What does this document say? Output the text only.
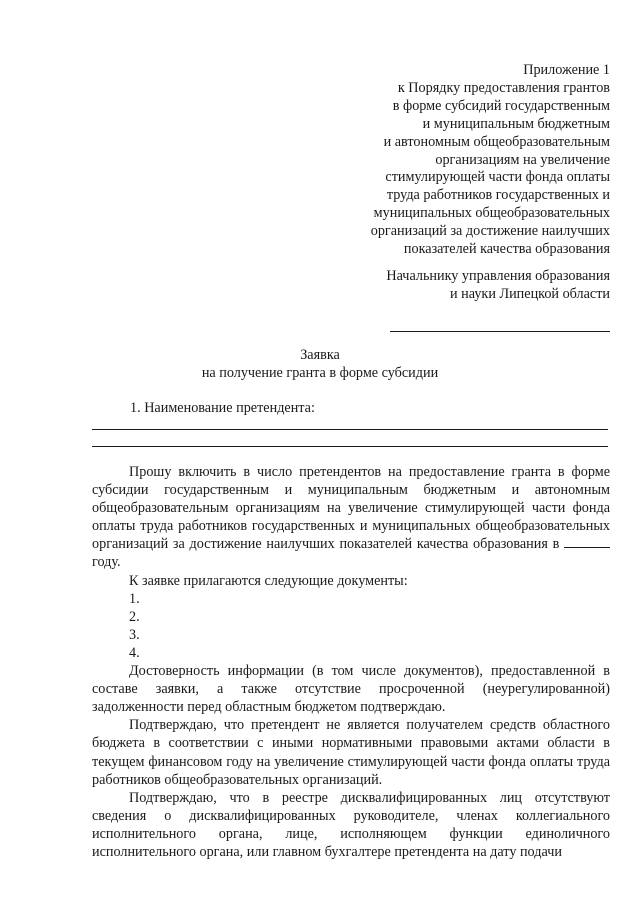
Приложение 1
к Порядку предоставления грантов
в форме субсидий государственным
и муниципальным бюджетным
и автономным общеобразовательным
организациям на увеличение
стимулирующей части фонда оплаты
труда работников государственных и
муниципальных общеобразовательных
организаций за достижение наилучших
показателей качества образования
Начальнику управления образования
и науки Липецкой области
Заявка
на получение гранта в форме субсидии
1. Наименование претендента:

Прошу включить в число претендентов на предоставление гранта в форме субсидии государственным и муниципальным бюджетным и автономным общеобразовательным организациям на увеличение стимулирующей части фонда оплаты труда работников государственных и муниципальных общеобразовательных организаций за достижение наилучших показателей качества образования в году.

К заявке прилагаются следующие документы:
1.
2.
3.
4.

Достоверность информации (в том числе документов), предоставленной в составе заявки, а также отсутствие просроченной (неурегулированной) задолженности перед областным бюджетом подтверждаю.

Подтверждаю, что претендент не является получателем средств областного бюджета в соответствии с иными нормативными правовыми актами области в текущем финансовом году на увеличение стимулирующей части фонда оплаты труда работников общеобразовательных организаций.

Подтверждаю, что в реестре дисквалифицированных лиц отсутствуют сведения о дисквалифицированных руководителе, членах коллегиального исполнительного органа, лице, исполняющем функции единоличного исполнительного органа, или главном бухгалтере претендента на дату подачи
